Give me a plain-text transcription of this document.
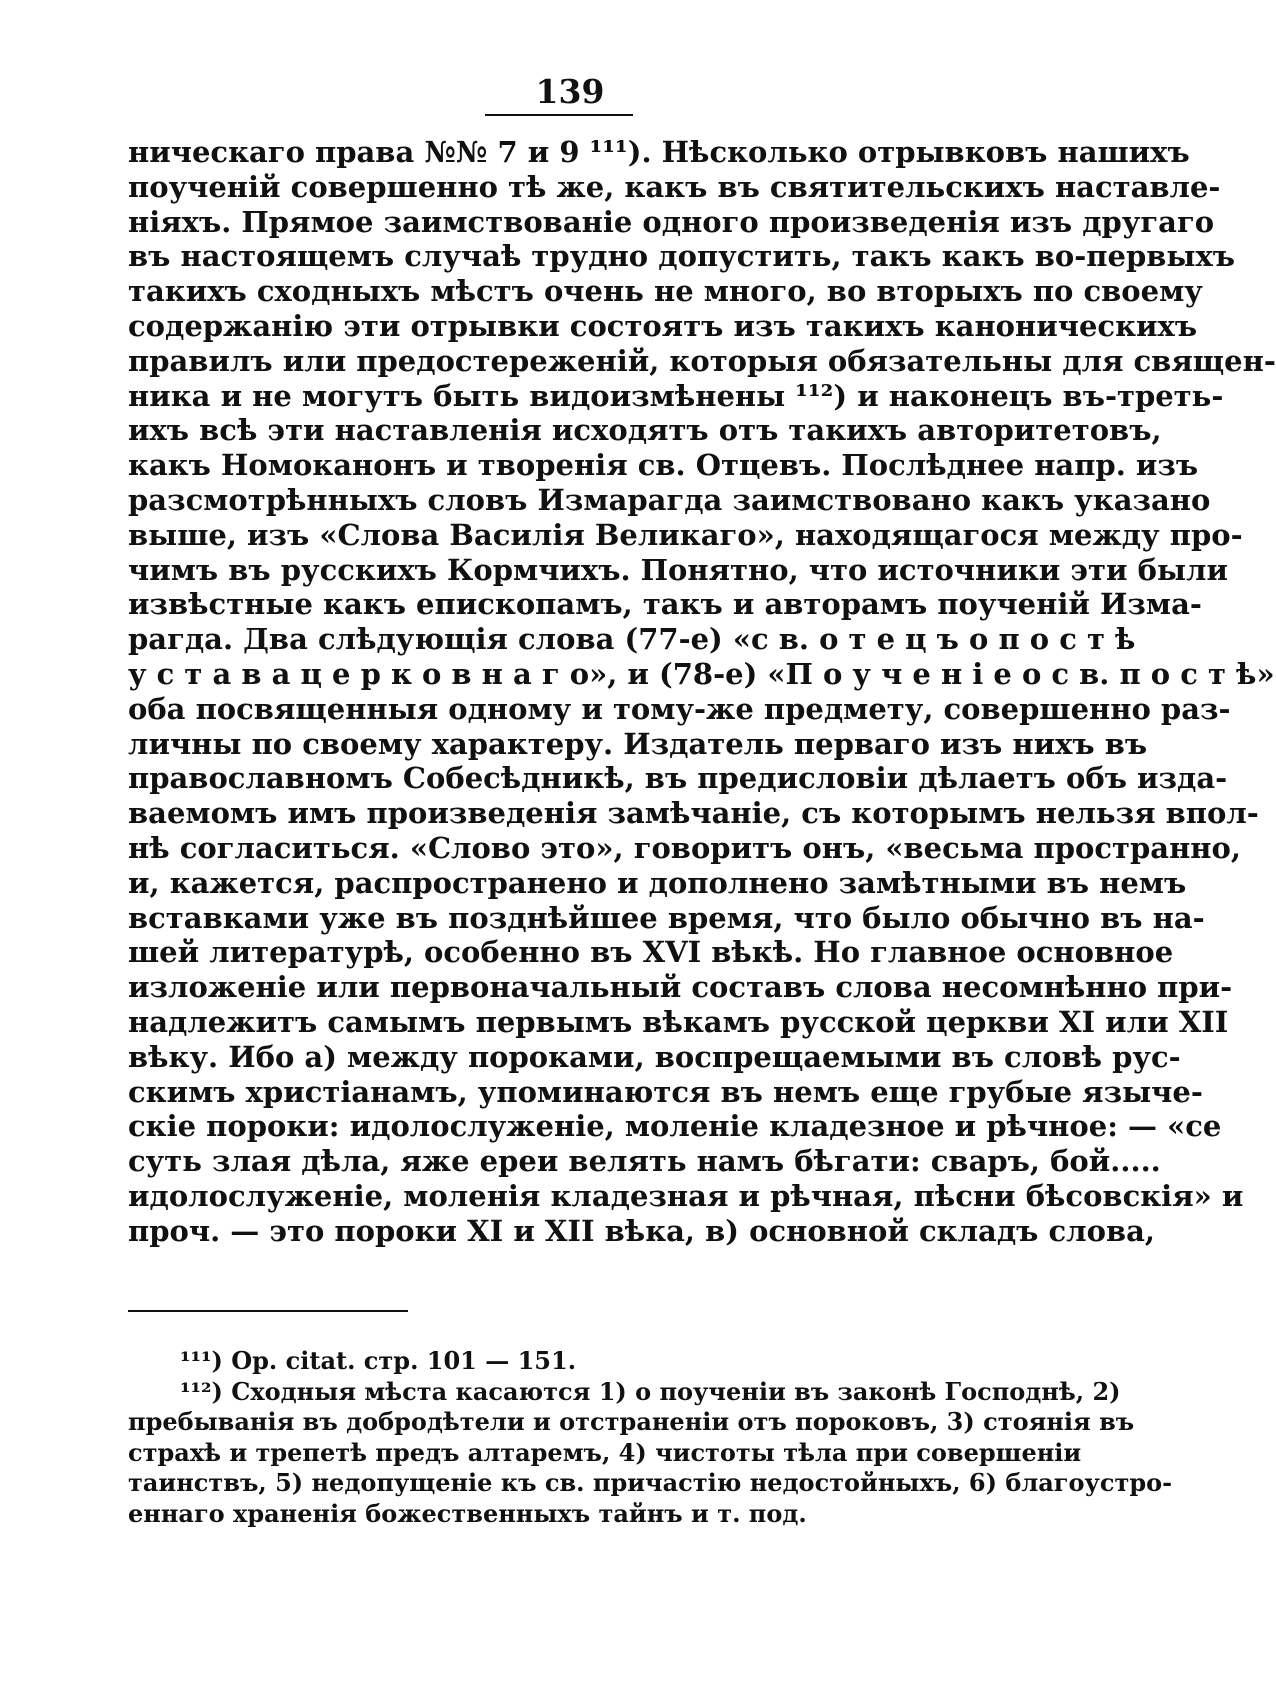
139
ническаго права №№ 7 и 9 ¹¹¹). Нѣсколько отрывковъ нашихъ
поученій совершенно тѣ же, какъ въ святительскихъ наставле-
ніяхъ. Прямое заимствованіе одного произведенія изъ другаго
въ настоящемъ случаѣ трудно допустить, такъ какъ во-первыхъ
такихъ сходныхъ мѣстъ очень не много, во вторыхъ по своему
содержанію эти отрывки состоятъ изъ такихъ каноническихъ
правилъ или предостереженій, которыя обязательны для священ-
ника и не могутъ быть видоизмѣнены ¹¹²) и наконецъ въ-треть-
ихъ всѣ эти наставленія исходятъ отъ такихъ авторитетовъ,
какъ Номоканонъ и творенія св. Отцевъ. Послѣднее напр. изъ
разсмотрѣнныхъ словъ Измарагда заимствовано какъ указано
выше, изъ «Слова Василія Великаго», находящагося между про-
чимъ въ русскихъ Кормчихъ. Понятно, что источники эти были
извѣстные какъ епископамъ, такъ и авторамъ поученій Изма-
рагда. Два слѣдующія слова (77-е) «с в. о т е ц ъ о п о с т ѣ
у с т а в а ц е р к о в н а г о», и (78-е) «П о у ч е н і е о с в. п о с т ѣ»
оба посвященныя одному и тому-же предмету, совершенно раз-
личны по своему характеру. Издатель перваго изъ нихъ въ
православномъ Собесѣдникѣ, въ предисловіи дѣлаетъ объ изда-
ваемомъ имъ произведенія замѣчаніе, съ которымъ нельзя впол-
нѣ согласиться. «Слово это», говоритъ онъ, «весьма пространно,
и, кажется, распространено и дополнено замѣтными въ немъ
вставками уже въ позднѣйшее время, что было обычно въ на-
шей литературѣ, особенно въ XVI вѣкѣ. Но главное основное
изложеніе или первоначальный составъ слова несомнѣнно при-
надлежитъ самымъ первымъ вѣкамъ русской церкви XI или XII
вѣку. Ибо а) между пороками, воспрещаемыми въ словѣ рус-
скимъ христіанамъ, упоминаются въ немъ еще грубые языче-
скіе пороки: идолослуженіе, моленіе кладезное и рѣчное: — «се
суть злая дѣла, яже ереи велять намъ бѣгати: сваръ, бой.....
идолослуженіе, моленія кладезная и рѣчная, пѣсни бѣсовскія» и
проч. — это пороки XI и XII вѣка, в) основной складъ слова,
¹¹¹) Op. citat. стр. 101 — 151.
¹¹²) Сходныя мѣста касаются 1) о поученіи въ законѣ Господнѣ, 2)
пребыванія въ добродѣтели и отстраненіи отъ пороковъ, 3) стоянія въ
страхѣ и трепетѣ предъ алтаремъ, 4) чистоты тѣла при совершеніи
таинствъ, 5) недопущеніе къ св. причастію недостойныхъ, 6) благоустро-
еннаго храненія божественныхъ тайнъ и т. под.
